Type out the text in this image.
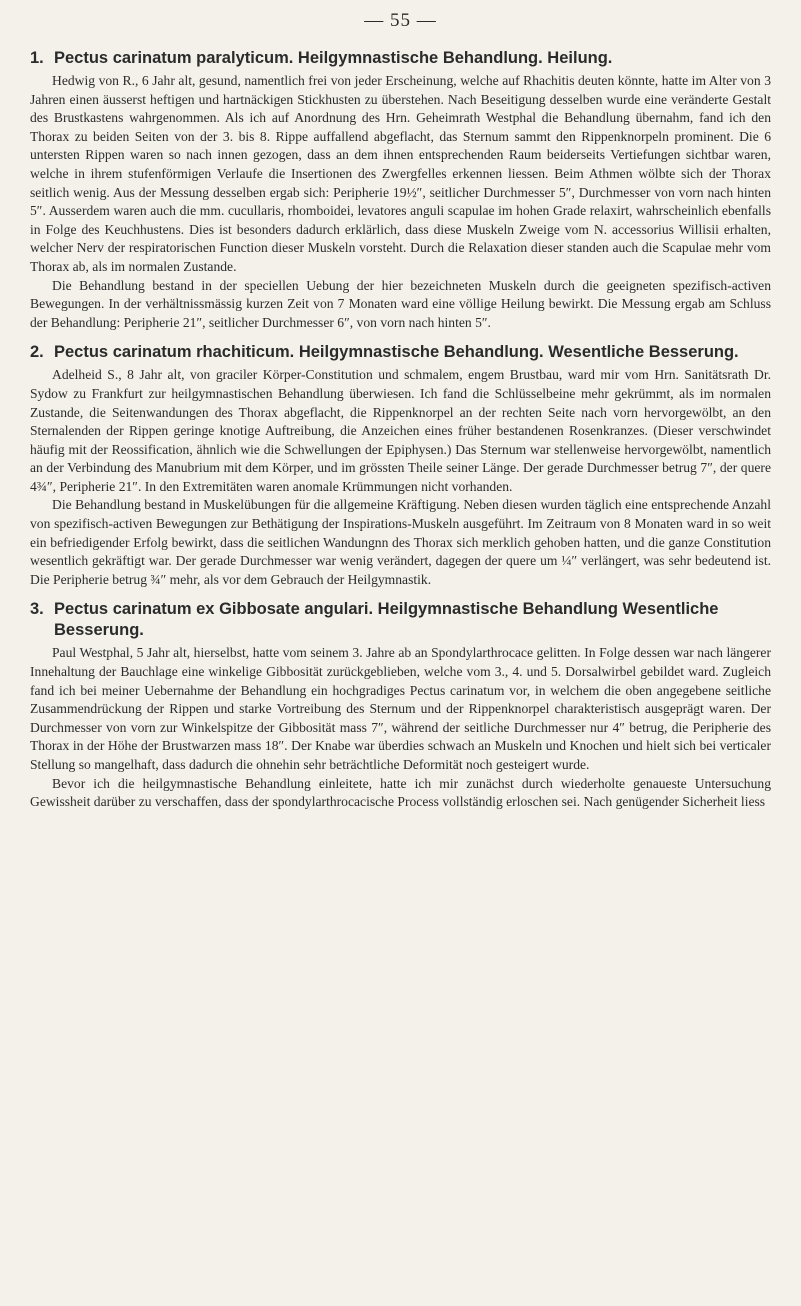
— 55 —
1. Pectus carinatum paralyticum. Heilgymnastische Behandlung. Heilung.

Hedwig von R., 6 Jahr alt, gesund, namentlich frei von jeder Erscheinung, welche auf Rhachitis deuten könnte, hatte im Alter von 3 Jahren einen äusserst heftigen und hartnäckigen Stickhusten zu überstehen. Nach Beseitigung desselben wurde eine veränderte Gestalt des Brustkastens wahrgenommen. Als ich auf Anordnung des Hrn. Geheimrath Westphal die Behandlung übernahm, fand ich den Thorax zu beiden Seiten von der 3. bis 8. Rippe auffallend abgeflacht, das Sternum sammt den Rippenknorpeln prominent. Die 6 untersten Rippen waren so nach innen gezogen, dass an dem ihnen entsprechenden Raum beiderseits Vertiefungen sichtbar waren, welche in ihrem stufenförmigen Verlaufe die Insertionen des Zwergfelles erkennen liessen. Beim Athmen wölbte sich der Thorax seitlich wenig. Aus der Messung desselben ergab sich: Peripherie 19½″, seitlicher Durchmesser 5″, Durchmesser von vorn nach hinten 5″. Ausserdem waren auch die mm. cucullaris, rhomboidei, levatores anguli scapulae im hohen Grade relaxirt, wahrscheinlich ebenfalls in Folge des Keuchhustens. Dies ist besonders dadurch erklärlich, dass diese Muskeln Zweige vom N. accessorius Willisii erhalten, welcher Nerv der respiratorischen Function dieser Muskeln vorsteht. Durch die Relaxation dieser standen auch die Scapulae mehr vom Thorax ab, als im normalen Zustande.

Die Behandlung bestand in der speciellen Uebung der hier bezeichneten Muskeln durch die geeigneten spezifisch-activen Bewegungen. In der verhältnissmässig kurzen Zeit von 7 Monaten ward eine völlige Heilung bewirkt. Die Messung ergab am Schluss der Behandlung: Peripherie 21″, seitlicher Durchmesser 6″, von vorn nach hinten 5″.

2. Pectus carinatum rhachiticum. Heilgymnastische Behandlung. Wesentliche Besserung.

Adelheid S., 8 Jahr alt, von graciler Körper-Constitution und schmalem, engem Brustbau, ward mir vom Hrn. Sanitätsrath Dr. Sydow zu Frankfurt zur heilgymnastischen Behandlung überwiesen. Ich fand die Schlüsselbeine mehr gekrümmt, als im normalen Zustande, die Seitenwandungen des Thorax abgeflacht, die Rippenknorpel an der rechten Seite nach vorn hervorgewölbt, an den Sternalenden der Rippen geringe knotige Auftreibung, die Anzeichen eines früher bestandenen Rosenkranzes. (Dieser verschwindet häufig mit der Reossification, ähnlich wie die Schwellungen der Epiphysen.) Das Sternum war stellenweise hervorgewölbt, namentlich an der Verbindung des Manubrium mit dem Körper, und im grössten Theile seiner Länge. Der gerade Durchmesser betrug 7″, der quere 4¾″, Peripherie 21″. In den Extremitäten waren anomale Krümmungen nicht vorhanden.

Die Behandlung bestand in Muskelübungen für die allgemeine Kräftigung. Neben diesen wurden täglich eine entsprechende Anzahl von spezifisch-activen Bewegungen zur Bethätigung der Inspirations-Muskeln ausgeführt. Im Zeitraum von 8 Monaten ward in so weit ein befriedigender Erfolg bewirkt, dass die seitlichen Wandungnn des Thorax sich merklich gehoben hatten, und die ganze Constitution wesentlich gekräftigt war. Der gerade Durchmesser war wenig verändert, dagegen der quere um ¼″ verlängert, was sehr bedeutend ist. Die Peripherie betrug ¾″ mehr, als vor dem Gebrauch der Heilgymnastik.

3. Pectus carinatum ex Gibbosate angulari. Heilgymnastische Behandlung Wesentliche Besserung.

Paul Westphal, 5 Jahr alt, hierselbst, hatte vom seinem 3. Jahre ab an Spondylarthrocace gelitten. In Folge dessen war nach längerer Innehaltung der Bauchlage eine winkelige Gibbosität zurückgeblieben, welche vom 3., 4. und 5. Dorsalwirbel gebildet ward. Zugleich fand ich bei meiner Uebernahme der Behandlung ein hochgradiges Pectus carinatum vor, in welchem die oben angegebene seitliche Zusammendrückung der Rippen und starke Vortreibung des Sternum und der Rippenknorpel charakteristisch ausgeprägt waren. Der Durchmesser von vorn zur Winkelspitze der Gibbosität mass 7″, während der seitliche Durchmesser nur 4″ betrug, die Peripherie des Thorax in der Höhe der Brustwarzen mass 18″. Der Knabe war überdies schwach an Muskeln und Knochen und hielt sich bei verticaler Stellung so mangelhaft, dass dadurch die ohnehin sehr beträchtliche Deformität noch gesteigert wurde.

Bevor ich die heilgymnastische Behandlung einleitete, hatte ich mir zunächst durch wiederholte genaueste Untersuchung Gewissheit darüber zu verschaffen, dass der spondylarthrocacische Process vollständig erloschen sei. Nach genügender Sicherheit liess
